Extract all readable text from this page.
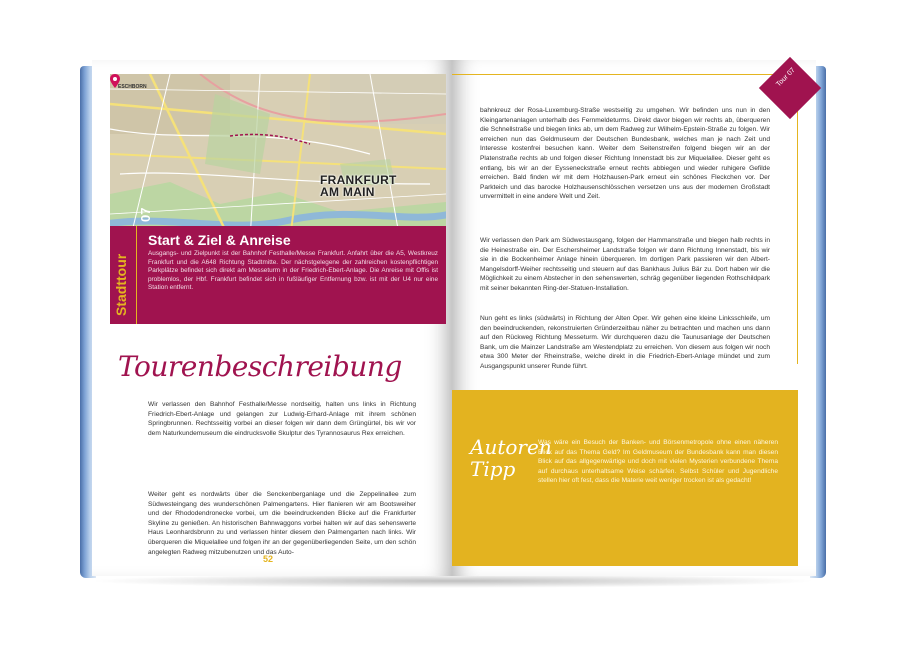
ESCHBORN
FRANKFURT
AM MAIN
07
Stadttour
Start & Ziel & Anreise
Ausgangs- und Zielpunkt ist der Bahnhof Festhalle/Messe Frankfurt. Anfahrt über die A5, Westkreuz Frankfurt und die A648 Richtung Stadtmitte. Der nächstgelegene der zahlreichen kostenpflichtigen Parkplätze befindet sich direkt am Messeturm in der Friedrich-Ebert-Anlage. Die Anreise mit Offis ist problemlos, der Hbf. Frankfurt befindet sich in fußläufiger Entfernung bzw. ist mit der U4 nur eine Station entfernt.
Tourenbeschreibung
Wir verlassen den Bahnhof Festhalle/Messe nordseitig, halten uns links in Richtung Friedrich-Ebert-Anlage und gelangen zur Ludwig-Erhard-Anlage mit ihrem schönen Springbrunnen. Rechtsseitig vorbei an dieser folgen wir dann dem Grüngürtel, bis wir vor dem Naturkundemuseum die eindrucksvolle Skulptur des Tyrannosaurus Rex erreichen.
Weiter geht es nordwärts über die Senckenberganlage und die Zeppelinallee zum Südwesteingang des wunderschönen Palmengartens. Hier flanieren wir am Bootsweiher und der Rhododendronecke vorbei, um die beeindruckenden Blicke auf die Frankfurter Skyline zu genießen. An historischen Bahnwaggons vorbei halten wir auf das sehenswerte Haus Leonhardsbrunn zu und verlassen hinter diesem den Palmengarten nach links. Wir überqueren die Miquelallee und folgen ihr an der gegenüberliegenden Seite, um den schön angelegten Radweg mitzubenutzen und das Auto-
52
Tour 07
bahnkreuz der Rosa-Luxemburg-Straße westseitig zu umgehen. Wir befinden uns nun in den Kleingartenanlagen unterhalb des Fernmeldeturms. Direkt davor biegen wir rechts ab, überqueren die Schnellstraße und biegen links ab, um dem Radweg zur Wilhelm-Epstein-Straße zu folgen. Wir erreichen nun das Geldmuseum der Deutschen Bundesbank, welches man je nach Zeit und Interesse kostenfrei besuchen kann. Weiter dem Seitenstreifen folgend biegen wir an der Platenstraße rechts ab und folgen dieser Richtung Innenstadt bis zur Miquelallee. Dieser geht es entlang, bis wir an der Eysseneckstraße erneut rechts abbiegen und wieder ruhigere Gefilde erreichen. Bald finden wir mit dem Holzhausen-Park erneut ein schönes Fleckchen vor. Der Parkteich und das barocke Holzhausenschlösschen versetzen uns aus der modernen Großstadt unvermittelt in eine andere Welt und Zeit.
Wir verlassen den Park am Südwestausgang, folgen der Hammanstraße und biegen halb rechts in die Heinestraße ein. Der Eschersheimer Landstraße folgen wir dann Richtung Innenstadt, bis wir sie in die Bockenheimer Anlage hinein überqueren. Im dortigen Park passieren wir den Albert-Mangelsdorff-Weiher rechtsseitig und steuern auf das Bankhaus Julius Bär zu. Dort haben wir die Möglichkeit zu einem Abstecher in den sehenswerten, schräg gegenüber liegenden Rothschildpark mit seiner bekannten Ring-der-Statuen-Installation.
Nun geht es links (südwärts) in Richtung der Alten Oper. Wir gehen eine kleine Linksschleife, um den beeindruckenden, rekonstruierten Gründerzeitbau näher zu betrachten und machen uns dann auf den Rückweg Richtung Messeturm. Wir durchqueren dazu die Taunusanlage der Deutschen Bank, um die Mainzer Landstraße am Westendplatz zu erreichen. Von diesem aus folgen wir noch etwa 300 Meter der Rheinstraße, welche direkt in die Friedrich-Ebert-Anlage mündet und zum Ausgangspunkt unserer Runde führt.
Autoren
Tipp
Was wäre ein Besuch der Banken- und Börsenmetropole ohne einen näheren Blick auf das Thema Geld? Im Geldmuseum der Bundesbank kann man diesen Blick auf das allgegenwärtige und doch mit vielen Mysterien verbundene Thema auf durchaus unterhaltsame Weise schärfen. Selbst Schüler und Jugendliche stellen hier oft fest, dass die Materie weit weniger trocken ist als gedacht!
